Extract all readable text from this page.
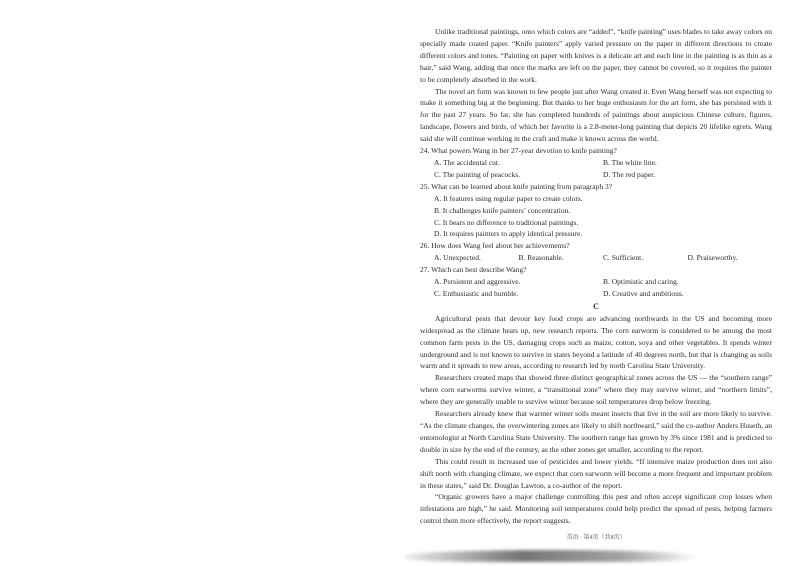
Unlike traditional paintings, onto which colors are “added”, “knife painting” uses blades to take away colors on specially made coated paper. “Knife painters” apply varied pressure on the paper in different directions to create different colors and tones. “Painting on paper with knives is a delicate art and each line in the painting is as thin as a hair,” said Wang, adding that once the marks are left on the paper, they cannot be covered, so it requires the painter to be completely absorbed in the work.

The novel art form was known to few people just after Wang created it. Even Wang herself was not expecting to make it something big at the beginning. But thanks to her huge enthusiasm for the art form, she has persisted with it for the past 27 years. So far, she has completed hundreds of paintings about auspicious Chinese culture, figures, landscape, flowers and birds, of which her favorite is a 2.8-meter-long painting that depicts 20 lifelike egrets. Wang said she will continue working in the craft and make it known across the world.

24. What powers Wang in her 27-year devotion to knife painting?

A. The accidental cut.	B. The white line.
C. The painting of peacocks.	D. The red paper.

25. What can be learned about knife painting from paragraph 3?

A. It features using regular paper to create colors.
B. It challenges knife painters’ concentration.
C. It bears no difference to traditional paintings.
D. It requires painters to apply identical pressure.

26. How does Wang feel about her achievements?

A. Unexpected.	B. Reasonable.	C. Sufficient.	D. Praiseworthy.

27. Which can best describe Wang?

A. Persistent and aggressive.	B. Optimistic and caring.
C. Enthusiastic and humble.	D. Creative and ambitious.
C

Agricultural pests that devour key food crops are advancing northwards in the US and becoming more widespread as the climate heats up, new research reports. The corn earworm is considered to be among the most common farm pests in the US, damaging crops such as maize, cotton, soya and other vegetables. It spends winter underground and is not known to survive in states beyond a latitude of 40 degrees north, but that is changing as soils warm and it spreads to new areas, according to research led by north Carolina State University.

Researchers created maps that showed three distinct geographical zones across the US — the “southern range” where corn earworms survive winter, a “transitional zone” where they may survive winter, and “northern limits”, where they are generally unable to survive winter because soil temperatures drop below freezing.

Researchers already knew that warmer winter soils meant insects that live in the soil are more likely to survive. “As the climate changes, the overwintering zones are likely to shift northward,” said the co-author Anders Huseth, an entomologist at North Carolina State University. The southern range has grown by 3% since 1981 and is predicted to double in size by the end of the century, as the other zones get smaller, according to the report.

This could result in increased use of pesticides and lower yields. “If intensive maize production does not also shift north with changing climate, we expect that corn earworm will become a more frequent and important problem in these states,” said Dr. Douglas Lawton, a co-author of the report.

“Organic growers have a major challenge controlling this pest and often accept significant crop losses when infestations are high,” he said. Monitoring soil temperatures could help predict the spread of pests, helping farmers control them more effectively, the report suggests.

英语 · 第4页（共8页）
